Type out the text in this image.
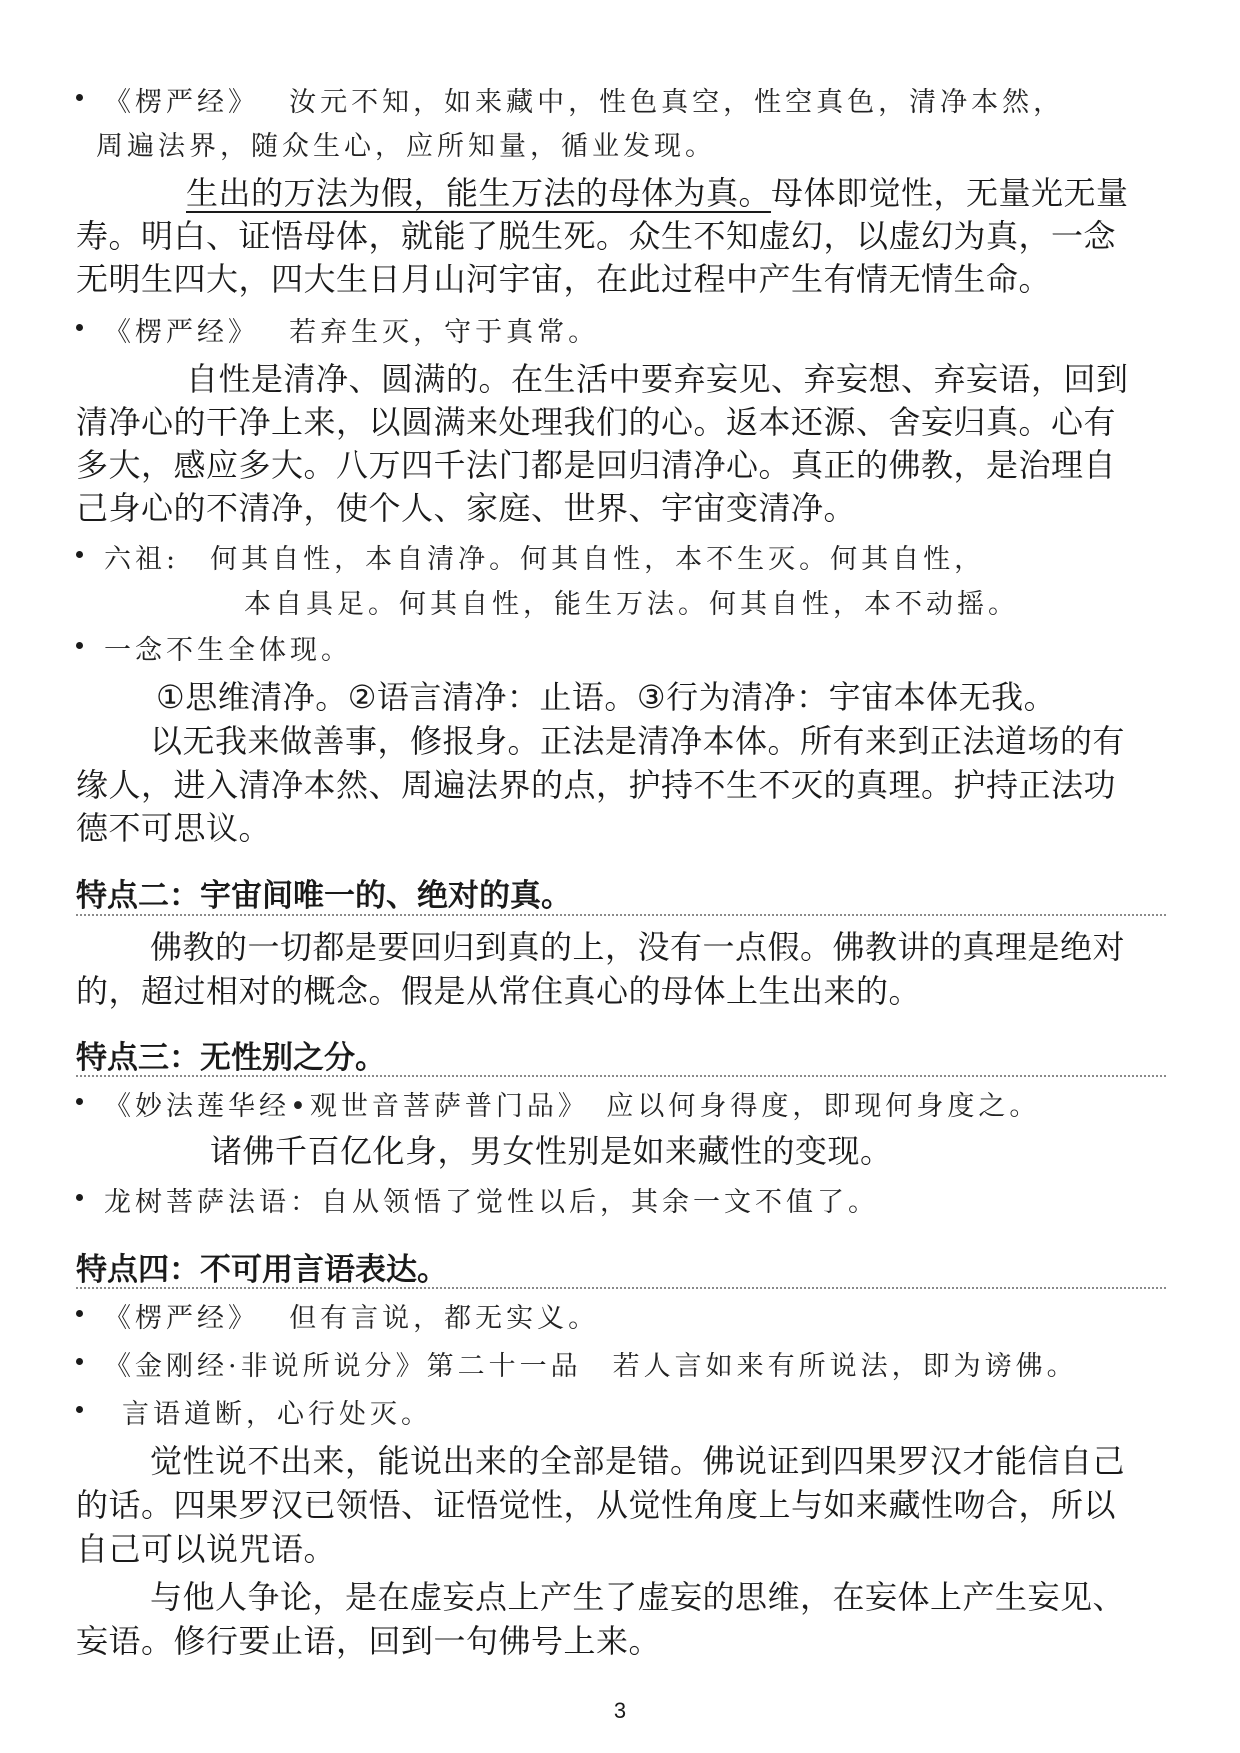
《楞严经》　 汝元不知，如来藏中，性色真空，性空真色，清净本然，
周遍法界，随众生心，应所知量，循业发现。
生出的万法为假，能生万法的母体为真。母体即觉性，无量光无量
寿。明白、证悟母体，就能了脱生死。众生不知虚幻，以虚幻为真，一念
无明生四大，四大生日月山河宇宙，在此过程中产生有情无情生命。
《楞严经》　 若弃生灭，守于真常。
自性是清净、圆满的。在生活中要弃妄见、弃妄想、弃妄语，回到
清净心的干净上来，以圆满来处理我们的心。返本还源、舍妄归真。心有
多大，感应多大。八万四千法门都是回归清净心。真正的佛教，是治理自
己身心的不清净，使个人、家庭、世界、宇宙变清净。
六祖:　何其自性，本自清净。何其自性，本不生灭。何其自性，
本自具足。何其自性，能生万法。何其自性，本不动摇。
一念不生全体现。
①思维清净。②语言清净：止语。③行为清净：宇宙本体无我。
以无我来做善事，修报身。正法是清净本体。所有来到正法道场的有
缘人，进入清净本然、周遍法界的点，护持不生不灭的真理。护持正法功
德不可思议。
特点二：宇宙间唯一的、绝对的真。
佛教的一切都是要回归到真的上，没有一点假。佛教讲的真理是绝对
的，超过相对的概念。假是从常住真心的母体上生出来的。
特点三：无性别之分。
《妙法莲华经•观世音菩萨普门品》　应以何身得度，即现何身度之。
诸佛千百亿化身，男女性别是如来藏性的变现。
龙树菩萨法语：自从领悟了觉性以后，其余一文不值了。
特点四：不可用言语表达。
《楞严经》　 但有言说，都无实义。
《金刚经·非说所说分》第二十一品　若人言如来有所说法，即为谤佛。
言语道断，心行处灭。
觉性说不出来，能说出来的全部是错。佛说证到四果罗汉才能信自己
的话。四果罗汉已领悟、证悟觉性，从觉性角度上与如来藏性吻合，所以
自己可以说咒语。
与他人争论，是在虚妄点上产生了虚妄的思维，在妄体上产生妄见、
妄语。修行要止语，回到一句佛号上来。
3
